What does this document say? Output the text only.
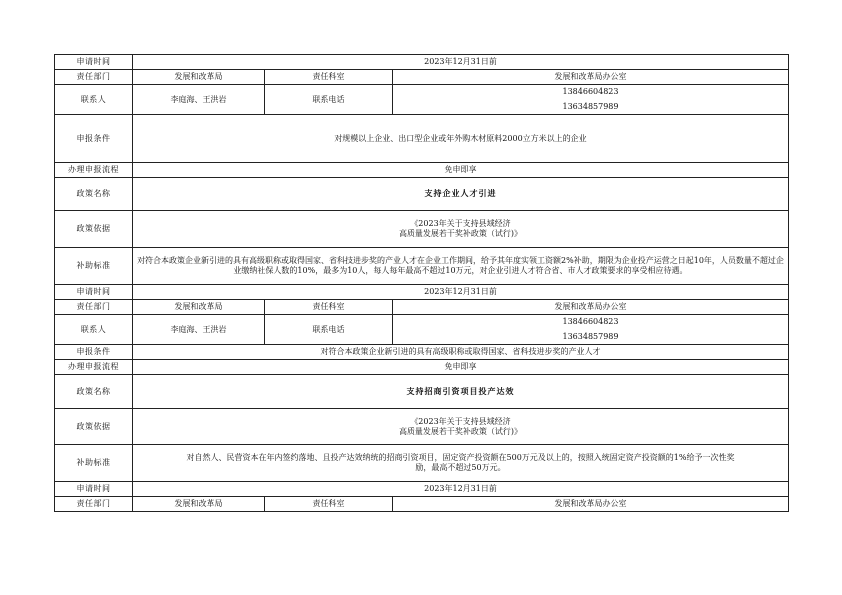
申请时间	2023年12月31日前		
责任部门	发展和改革局	责任科室	发展和改革局办公室
联系人	李庭海、王洪岩	联系电话	13846604823
13634857989

申报条件	对规模以上企业、出口型企业或年外购木材原料2000立方米以上的企业		
办理申报流程	免申即享		
政策名称	支持企业人才引进		
政策依据	《2023年关于支持县域经济
高质量发展若干奖补政策（试行)》		

补助标准	对符合本政策企业新引进的具有高级职称或取得国家、省科技进步奖的产业人才在企业工作期间，给予其年度实领工资额2%补助，期限为企业投产运营之日起10年，人员数量不超过企业缴纳社保人数的10%，最多为10人，每人每年最高不超过10万元，对企业引进人才符合省、市人才政策要求的享受相应待遇。		
申请时间	2023年12月31日前		
责任部门	发展和改革局	责任科室	发展和改革局办公室
联系人	李庭海、王洪岩	联系电话	13846604823
13634857989

申报条件	对符合本政策企业新引进的具有高级职称或取得国家、省科技进步奖的产业人才		
办理申报流程	免申即享		
政策名称	支持招商引资项目投产达效		
政策依据	《2023年关于支持县域经济
高质量发展若干奖补政策（试行)》		

补助标准	对自然人、民营资本在年内签约落地、且投产达效纳统的招商引资项目，固定资产投资额在500万元及以上的，按照入统固定资产投资额的1%给予一次性奖
励，最高不超过50万元。		

申请时间	2023年12月31日前		
责任部门	发展和改革局	责任科室	发展和改革局办公室
